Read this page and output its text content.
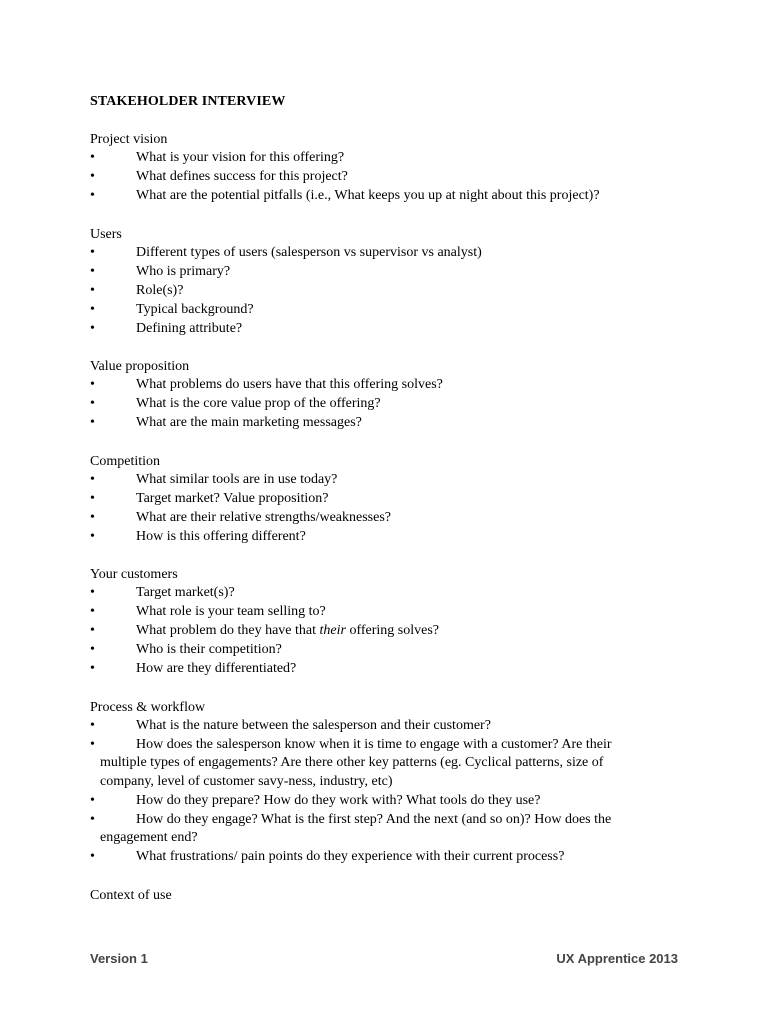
STAKEHOLDER INTERVIEW
Project vision
•	What is your vision for this offering?
•	What defines success for this project?
•	What are the potential pitfalls (i.e., What keeps you up at night about this project)?
Users
•	Different types of users (salesperson vs supervisor vs analyst)
•	Who is primary?
•	Role(s)?
•	Typical background?
•	Defining attribute?
Value proposition
•	What problems do users have that this offering solves?
•	What is the core value prop of the offering?
•	What are the main marketing messages?
Competition
•	What similar tools are in use today?
•	Target market? Value proposition?
•	What are their relative strengths/weaknesses?
•	How is this offering different?
Your customers
•	Target market(s)?
•	What role is your team selling to?
•	What problem do they have that their offering solves?
•	Who is their competition?
•	How are they differentiated?
Process & workflow
•	What is the nature between the salesperson and their customer?
•	How does the salesperson know when it is time to engage with a customer? Are their multiple types of engagements? Are there other key patterns (eg. Cyclical patterns, size of company, level of customer savy-ness, industry, etc)
•	How do they prepare? How do they work with? What tools do they use?
•	How do they engage? What is the first step? And the next (and so on)? How does the engagement end?
•	What frustrations/ pain points do they experience with their current process?
Context of use
Version 1	UX Apprentice 2013
